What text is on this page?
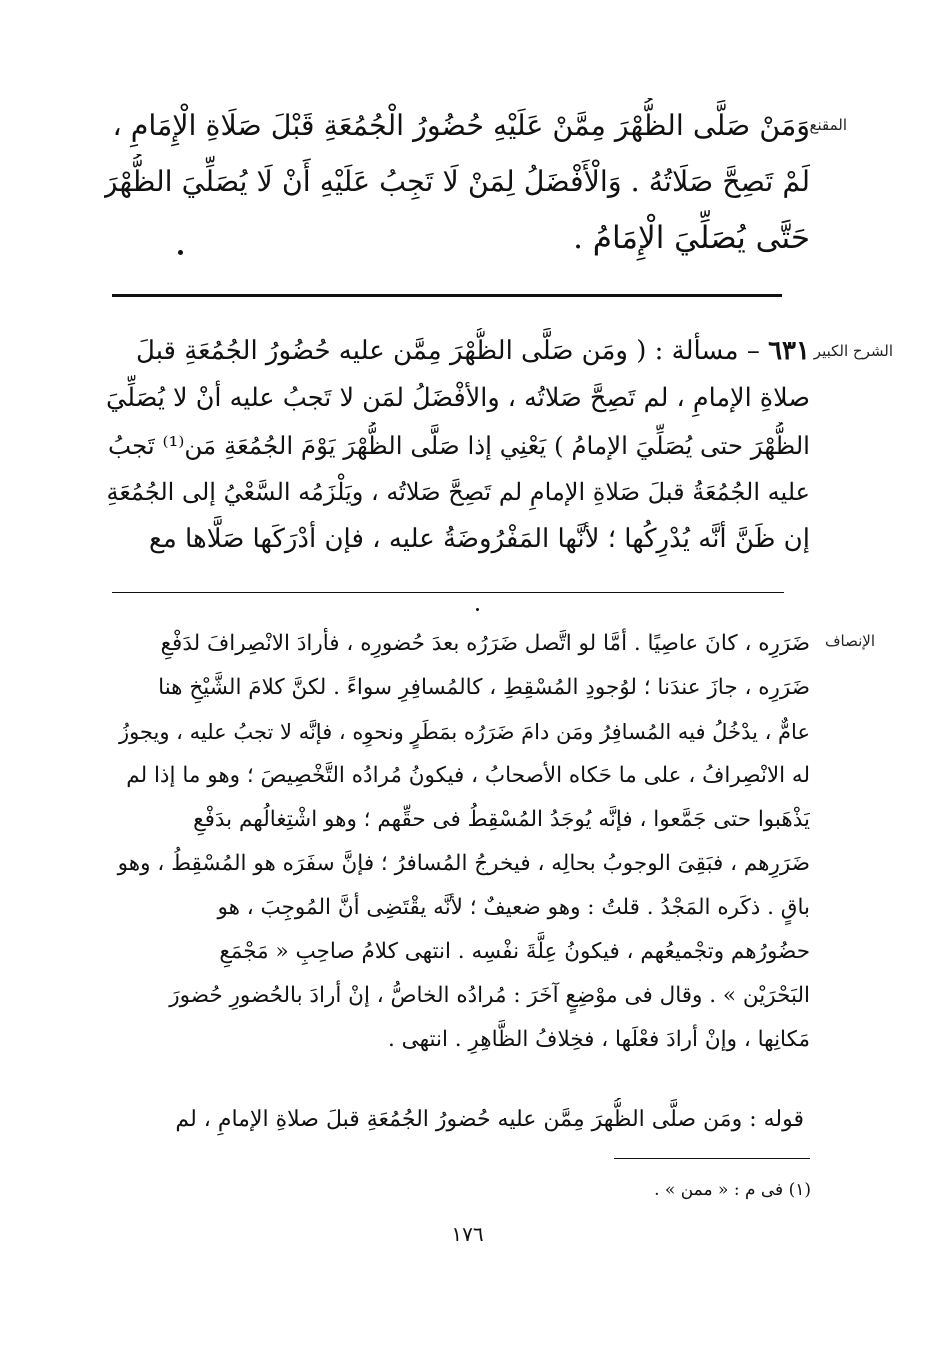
المقنع
الشرح الكبير
الإنصاف
وَمَنْ صَلَّى الظُّهْرَ مِمَّنْ عَلَيْهِ حُضُورُ الْجُمُعَةِ قَبْلَ صَلَاةِ الْإِمَامِ ،
لَمْ تَصِحَّ صَلَاتُهُ . وَالْأَفْضَلُ لِمَنْ لَا تَجِبُ عَلَيْهِ أَنْ لَا يُصَلِّيَ الظُّهْرَ
حَتَّى يُصَلِّيَ الْإِمَامُ .
٦٣١ – مسألة : ( ومَن صَلَّى الظُّهْرَ مِمَّن عليه حُضُورُ الجُمُعَةِ قبلَ
صلاةِ الإمامِ ، لم تَصِحَّ صَلاتُه ، والأفْضَلُ لمَن لا تَجبُ عليه أنْ لا يُصَلِّيَ
الظُّهْرَ حتى يُصَلِّيَ الإمامُ ) يَعْنِي إذا صَلَّى الظُّهْرَ يَوْمَ الجُمُعَةِ مَن⁽¹⁾ تَجبُ
عليه الجُمُعَةُ قبلَ صَلاةِ الإمامِ لم تَصِحَّ صَلاتُه ، ويَلْزَمُه السَّعْيُ إلى الجُمُعَةِ
إن ظَنَّ أنَّه يُدْرِكُها ؛ لأنَّها المَفْرُوضَةُ عليه ، فإن أدْرَكَها صَلَّاها مع
ضَرَرِه ، كانَ عاصِيًا . أمَّا لو اتَّصل ضَرَرُه بعدَ حُضورِه ، فأرادَ الانْصِرافَ لدَفْعِ
ضَرَرِه ، جازَ عندَنا ؛ لوُجودِ المُسْقِطِ ، كالمُسافِرِ سواءً . لكنَّ كلامَ الشَّيْخِ هنا
عامٌّ ، يدْخُلُ فيه المُسافِرُ ومَن دامَ ضَرَرُه بمَطَرٍ ونحوِه ، فإنَّه لا تجبُ عليه ، ويجوزُ
له الانْصِرافُ ، على ما حَكاه الأصحابُ ، فيكونُ مُرادُه التَّخْصِيصَ ؛ وهو ما إذا لم
يَذْهَبوا حتى جَمَّعوا ، فإنَّه يُوجَدُ المُسْقِطُ فى حقِّهم ؛ وهو اشْتِغالُهم بدَفْعِ
ضَرَرِهم ، فبَقِىَ الوجوبُ بحالِه ، فيخرجُ المُسافرُ ؛ فإنَّ سفَرَه هو المُسْقِطُ ، وهو
باقٍ . ذكَره المَجْدُ . قلتُ : وهو ضعيفٌ ؛ لأنَّه يقْتَضِى أنَّ المُوجِبَ ، هو
حضُورُهم وتجْميعُهم ، فيكونُ عِلَّةَ نفْسِه . انتهى كلامُ صاحِبِ « مَجْمَعِ
البَحْرَيْن » . وقال فى موْضِعٍ آخَرَ : مُرادُه الخاصُّ ، إنْ أرادَ بالحُضورِ حُضورَ
مَكانِها ، وإنْ أرادَ فعْلَها ، فخِلافُ الظَّاهِرِ . انتهى .
قوله : ومَن صلَّى الظُّهرَ مِمَّن عليه حُضورُ الجُمُعَةِ قبلَ صلاةِ الإمامِ ، لم
(١) فى م : « ممن » .
١٧٦
